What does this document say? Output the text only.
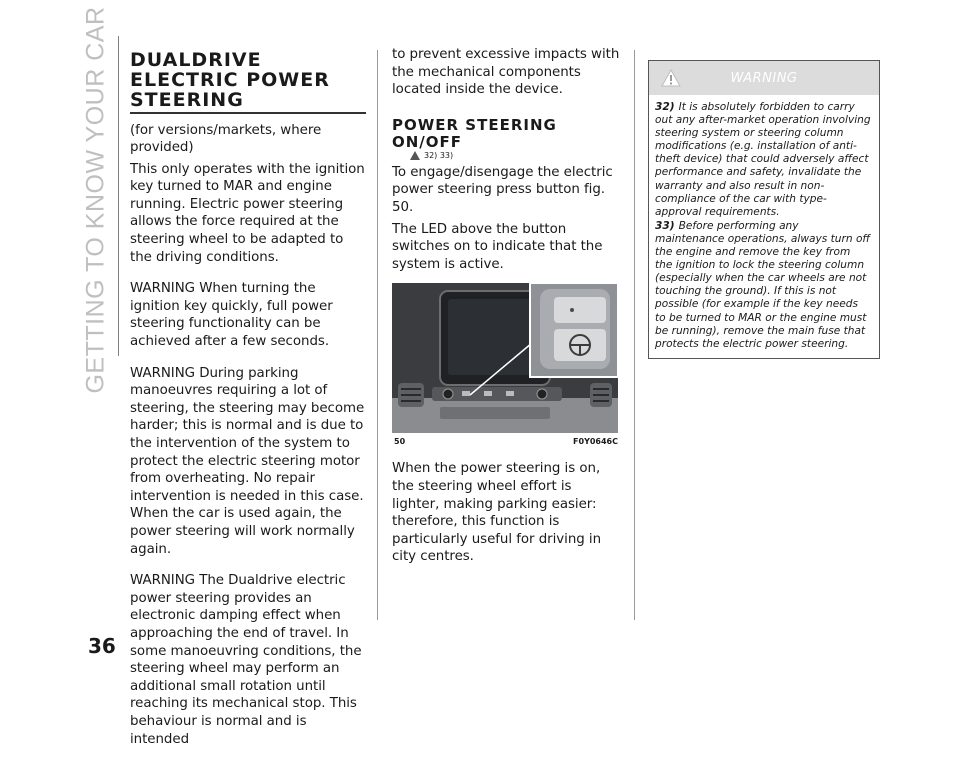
GETTING TO KNOW YOUR CAR
36
DUALDRIVE
ELECTRIC POWER
STEERING

(for versions/markets, where provided)

This only operates with the ignition key turned to MAR and engine running. Electric power steering allows the force required at the steering wheel to be adapted to the driving conditions.

WARNING When turning the ignition key quickly, full power steering functionality can be achieved after a few seconds.

WARNING During parking manoeuvres requiring a lot of steering, the steering may become harder; this is normal and is due to the intervention of the system to protect the electric steering motor from overheating. No repair intervention is needed in this case. When the car is used again, the power steering will work normally again.

WARNING The Dualdrive electric power steering provides an electronic damping effect when approaching the end of travel. In some manoeuvring conditions, the steering wheel may perform an additional small rotation until reaching its mechanical stop. This behaviour is normal and is intended

to prevent excessive impacts with the mechanical components located inside the device.

POWER STEERING
ON/OFF
32) 33)

To engage/disengage the electric power steering press button fig. 50.

The LED above the button switches on to indicate that the system is active.

50	F0Y0646C

When the power steering is on, the steering wheel effort is lighter, making parking easier: therefore, this function is particularly useful for driving in city centres.

WARNING

32) It is absolutely forbidden to carry out any after-market operation involving steering system or steering column modifications (e.g. installation of anti-theft device) that could adversely affect performance and safety, invalidate the warranty and also result in non-compliance of the car with type-approval requirements.

33) Before performing any maintenance operations, always turn off the engine and remove the key from the ignition to lock the steering column (especially when the car wheels are not touching the ground). If this is not possible (for example if the key needs to be turned to MAR or the engine must be running), remove the main fuse that protects the electric power steering.
